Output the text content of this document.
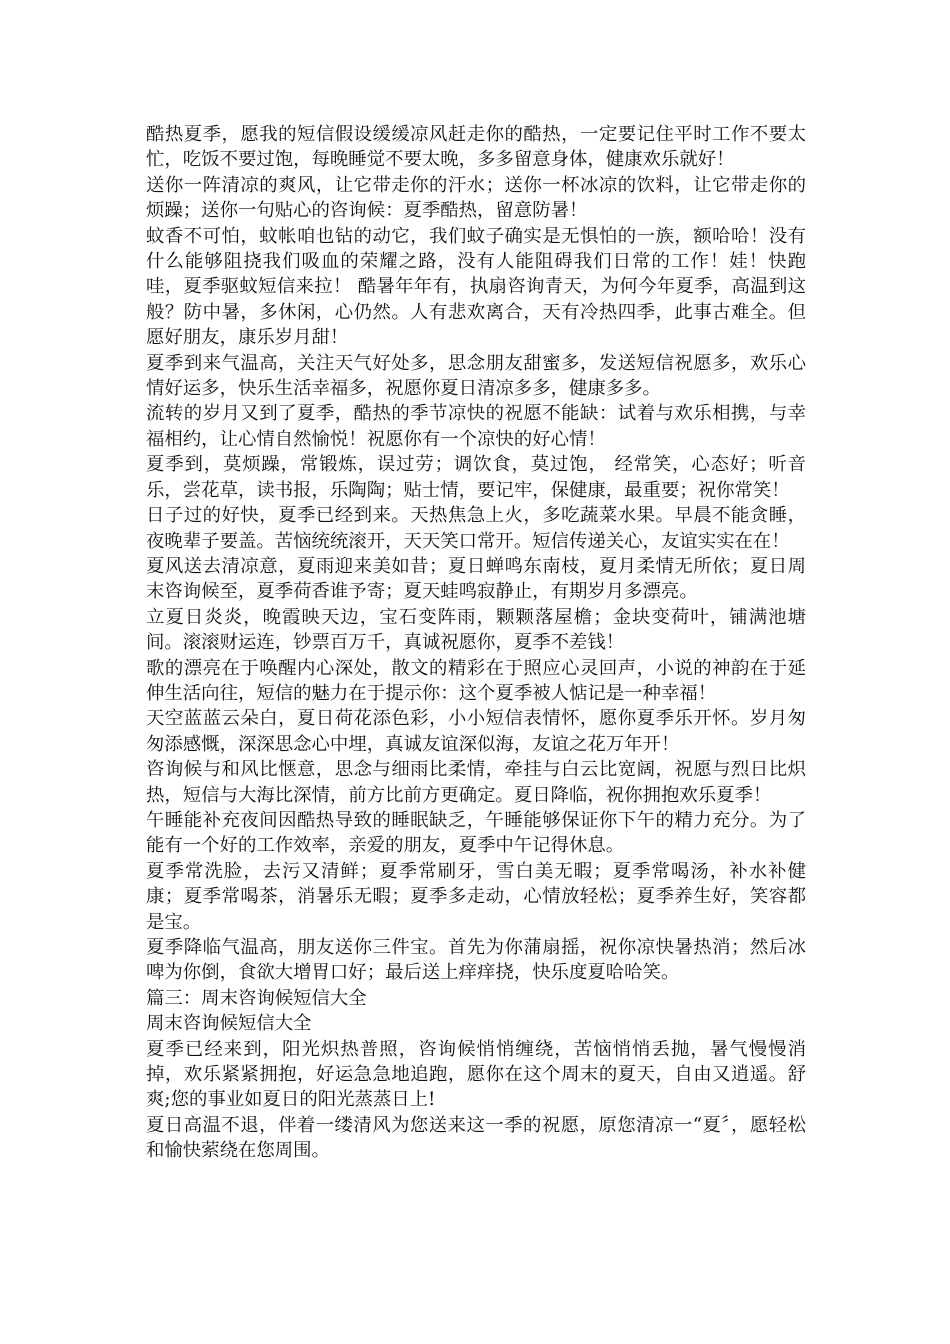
酷热夏季，愿我的短信假设缓缓凉风赶走你的酷热，一定要记住平时工作不要太忙，吃饭不要过饱，每晚睡觉不要太晚，多多留意身体，健康欢乐就好！

送你一阵清凉的爽风，让它带走你的汗水；送你一杯冰凉的饮料，让它带走你的烦躁；送你一句贴心的咨询候：夏季酷热，留意防暑！

蚊香不可怕，蚊帐咱也钻的动它，我们蚊子确实是无惧怕的一族，额哈哈！没有什么能够阻挠我们吸血的荣耀之路，没有人能阻碍我们日常的工作！娃！快跑哇，夏季驱蚊短信来拉！ 酷暑年年有，执扇咨询青天，为何今年夏季，高温到这般？防中暑，多休闲，心仍然。人有悲欢离合，天有冷热四季，此事古难全。但愿好朋友，康乐岁月甜！

夏季到来气温高，关注天气好处多，思念朋友甜蜜多，发送短信祝愿多，欢乐心情好运多，快乐生活幸福多，祝愿你夏日清凉多多，健康多多。

流转的岁月又到了夏季，酷热的季节凉快的祝愿不能缺：试着与欢乐相携，与幸福相约，让心情自然愉悦！祝愿你有一个凉快的好心情！

夏季到，莫烦躁，常锻炼，误过劳；调饮食，莫过饱， 经常笑，心态好；听音乐，尝花草，读书报，乐陶陶；贴士情，要记牢，保健康，最重要；祝你常笑！

日子过的好快，夏季已经到来。天热焦急上火，多吃蔬菜水果。早晨不能贪睡，夜晚辈子要盖。苦恼统统滚开，天天笑口常开。短信传递关心，友谊实实在在！

夏风送去清凉意，夏雨迎来美如昔；夏日蝉鸣东南枝，夏月柔情无所依；夏日周末咨询候至，夏季荷香谁予寄；夏天蛙鸣寂静止，有期岁月多漂亮。

立夏日炎炎，晚霞映天边，宝石变阵雨，颗颗落屋檐；金块变荷叶，铺满池塘间。滚滚财运连，钞票百万千，真诚祝愿你，夏季不差钱！

歌的漂亮在于唤醒内心深处，散文的精彩在于照应心灵回声，小说的神韵在于延伸生活向往，短信的魅力在于提示你：这个夏季被人惦记是一种幸福！

天空蓝蓝云朵白，夏日荷花添色彩，小小短信表情怀，愿你夏季乐开怀。岁月匆匆添感慨，深深思念心中埋，真诚友谊深似海，友谊之花万年开！

咨询候与和风比惬意，思念与细雨比柔情，牵挂与白云比宽阔，祝愿与烈日比炽热，短信与大海比深情，前方比前方更确定。夏日降临，祝你拥抱欢乐夏季！

午睡能补充夜间因酷热导致的睡眠缺乏，午睡能够保证你下午的精力充分。为了能有一个好的工作效率，亲爱的朋友，夏季中午记得休息。

夏季常洗脸，去污又清鲜；夏季常刷牙，雪白美无暇；夏季常喝汤，补水补健康；夏季常喝茶，消暑乐无暇；夏季多走动，心情放轻松；夏季养生好，笑容都是宝。

夏季降临气温高，朋友送你三件宝。首先为你蒲扇摇，祝你凉快暑热消；然后冰啤为你倒，食欲大增胃口好；最后送上痒痒挠，快乐度夏哈哈笑。

篇三：周末咨询候短信大全

周末咨询候短信大全

夏季已经来到，阳光炽热普照，咨询候悄悄缠绕，苦恼悄悄丢抛，暑气慢慢消掉，欢乐紧紧拥抱，好运急急地追跑，愿你在这个周末的夏天，自由又逍遥。舒爽;您的事业如夏日的阳光蒸蒸日上!

夏日高温不退，伴着一缕清风为您送来这一季的祝愿，原您清凉一“夏〞，愿轻松和愉快萦绕在您周围。
